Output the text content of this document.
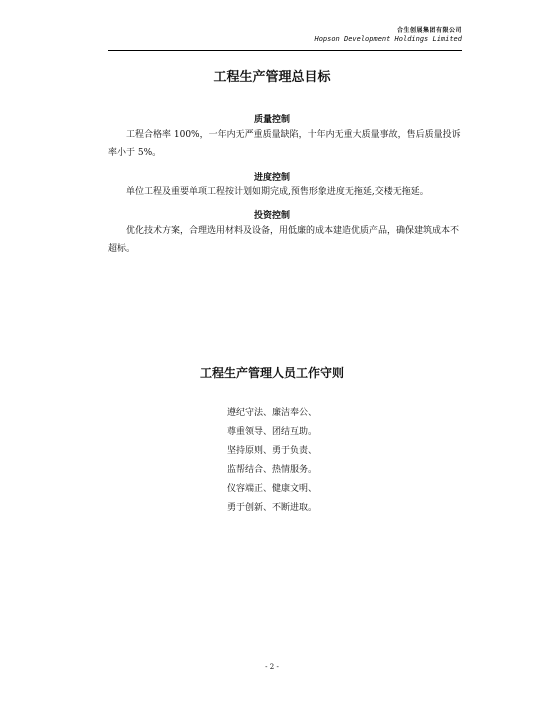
合生创展集团有限公司
Hopson Development Holdings Limited
工程生产管理总目标
质量控制
工程合格率 100%，一年内无严重质量缺陷，十年内无重大质量事故，售后质量投诉率小于 5%。
进度控制
单位工程及重要单项工程按计划如期完成,预售形象进度无拖延,交楼无拖延。
投资控制
优化技术方案，合理选用材料及设备，用低廉的成本建造优质产品，确保建筑成本不超标。
工程生产管理人员工作守则
遵纪守法、廉洁奉公、
尊重领导、团结互助。
坚持原则、勇于负责、
监帮结合、热情服务。
仪容端正、健康文明、
勇于创新、不断进取。
- 2 -
